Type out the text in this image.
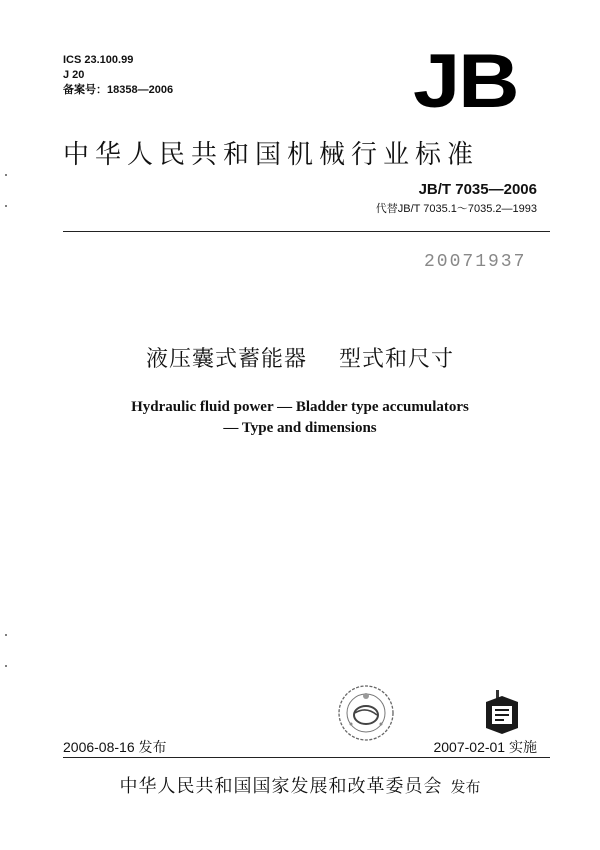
ICS 23.100.99
J 20
备案号：18358—2006	JB
中华人民共和国机械行业标准
JB/T 7035—2006
代替JB/T 7035.1～7035.2—1993
20071937
液压囊式蓄能器    型式和尺寸
Hydraulic fluid power — Bladder type accumulators
— Type and dimensions
2006-08-16 发布	2007-02-01 实施
中华人民共和国国家发展和改革委员会 发布
